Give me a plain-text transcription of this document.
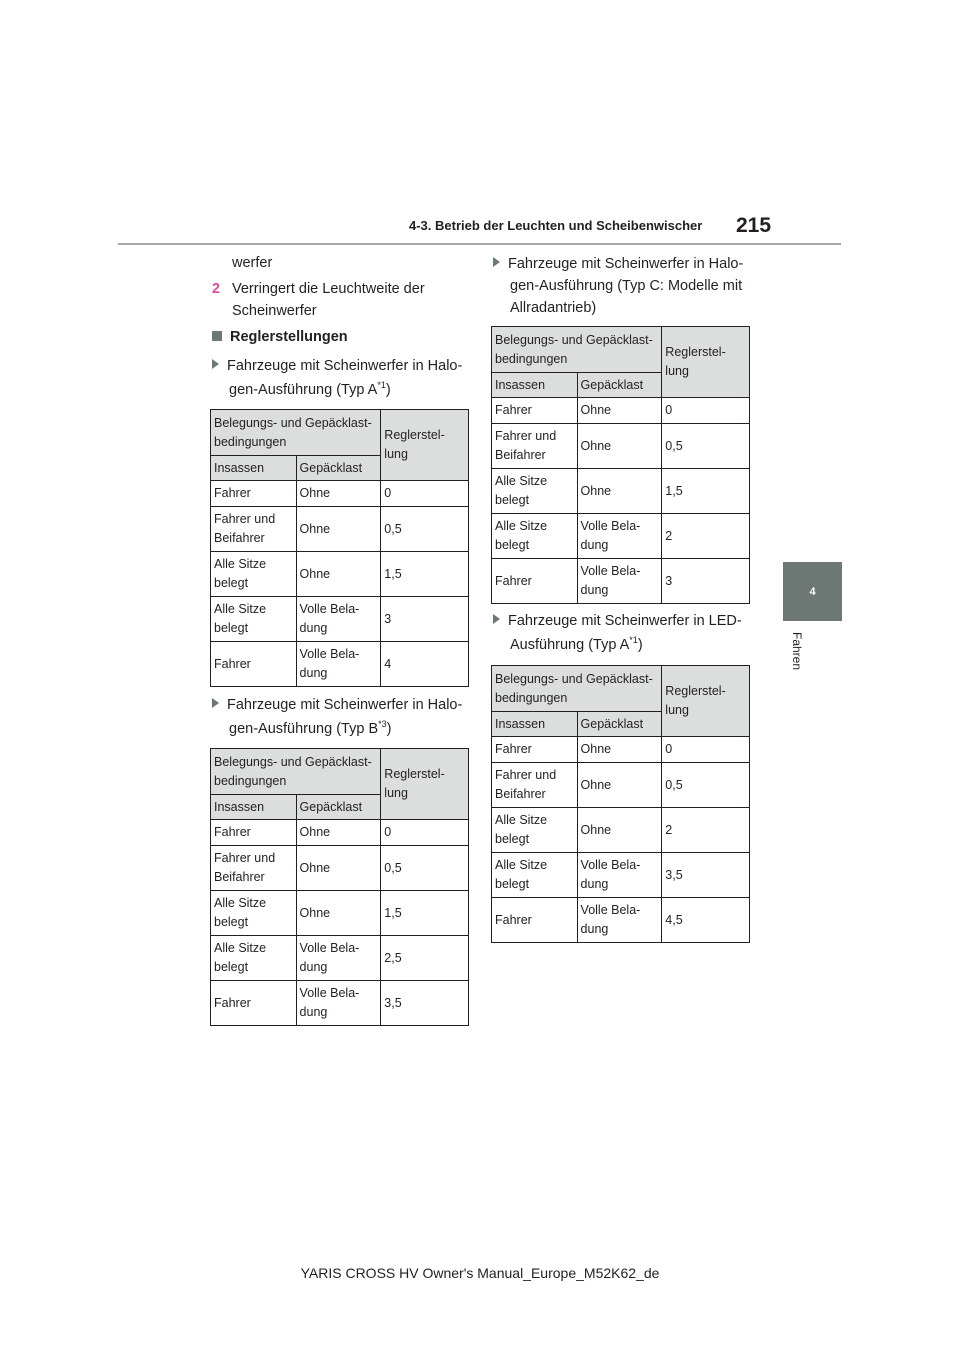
4-3. Betrieb der Leuchten und Scheibenwischer 215
4
Fahren
werfer
2 Verringert die Leuchtweite der
Scheinwerfer
Reglerstellungen
Fahrzeuge mit Scheinwerfer in Halo-
gen-Ausführung (Typ $A^{*1}$)
Belegungs- und Gepäcklast-
bedingungen		Reglerstel-
lung
Insassen	Gepäcklast	
Fahrer	Ohne	0
Fahrer und
Beifahrer	Ohne	0,5
Alle Sitze
belegt	Ohne	1,5
Alle Sitze
belegt	Volle Bela-
dung	3
Fahrer	Volle Bela-
dung	4
Fahrzeuge mit Scheinwerfer in Halo-
gen-Ausführung (Typ $B^{*3}$)
Belegungs- und Gepäcklast-
bedingungen		Reglerstel-
lung
Insassen	Gepäcklast	
Fahrer	Ohne	0
Fahrer und
Beifahrer	Ohne	0,5
Alle Sitze
belegt	Ohne	1,5
Alle Sitze
belegt	Volle Bela-
dung	2,5
Fahrer	Volle Bela-
dung	3,5
Fahrzeuge mit Scheinwerfer in Halo-
gen-Ausführung (Typ C: Modelle mit
Allradantrieb)
Belegungs- und Gepäcklast-
bedingungen		Reglerstel-
lung
Insassen	Gepäcklast	
Fahrer	Ohne	0
Fahrer und
Beifahrer	Ohne	0,5
Alle Sitze
belegt	Ohne	1,5
Alle Sitze
belegt	Volle Bela-
dung	2
Fahrer	Volle Bela-
dung	3
Fahrzeuge mit Scheinwerfer in LED-
Ausführung (Typ $A^{*1}$)
Belegungs- und Gepäcklast-
bedingungen		Reglerstel-
lung
Insassen	Gepäcklast	
Fahrer	Ohne	0
Fahrer und
Beifahrer	Ohne	0,5
Alle Sitze
belegt	Ohne	2
Alle Sitze
belegt	Volle Bela-
dung	3,5
Fahrer	Volle Bela-
dung	4,5
YARIS CROSS HV Owner's Manual_Europe_M52K62_de
